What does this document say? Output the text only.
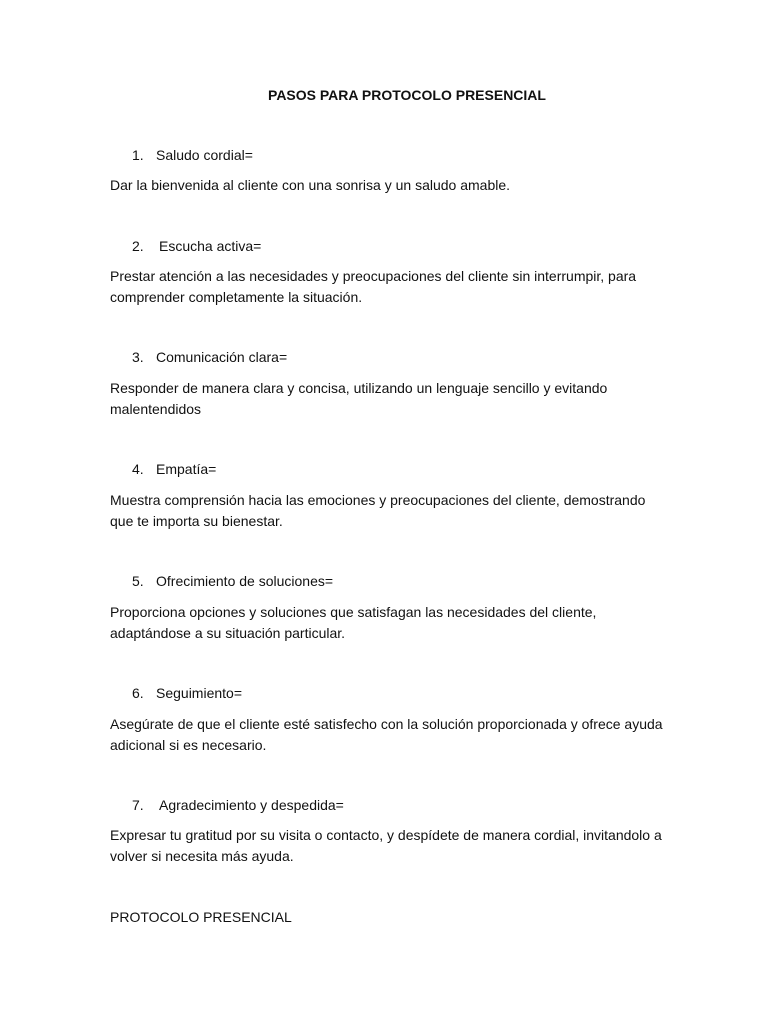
PASOS PARA PROTOCOLO PRESENCIAL
1. Saludo cordial=
Dar la bienvenida al cliente con una sonrisa y un saludo amable.
2. Escucha activa=
Prestar atención a las necesidades y preocupaciones del cliente sin interrumpir, para comprender completamente la situación.
3. Comunicación clara=
Responder de manera clara y concisa, utilizando un lenguaje sencillo y evitando malentendidos
4. Empatía=
Muestra comprensión hacia las emociones y preocupaciones del cliente, demostrando que te importa su bienestar.
5. Ofrecimiento de soluciones=
Proporciona opciones y soluciones que satisfagan las necesidades del cliente, adaptándose a su situación particular.
6. Seguimiento=
Asegúrate de que el cliente esté satisfecho con la solución proporcionada y ofrece ayuda adicional si es necesario.
7. Agradecimiento y despedida=
Expresar tu gratitud por su visita o contacto, y despídete de manera cordial, invitandolo a volver si necesita más ayuda.
PROTOCOLO PRESENCIAL
